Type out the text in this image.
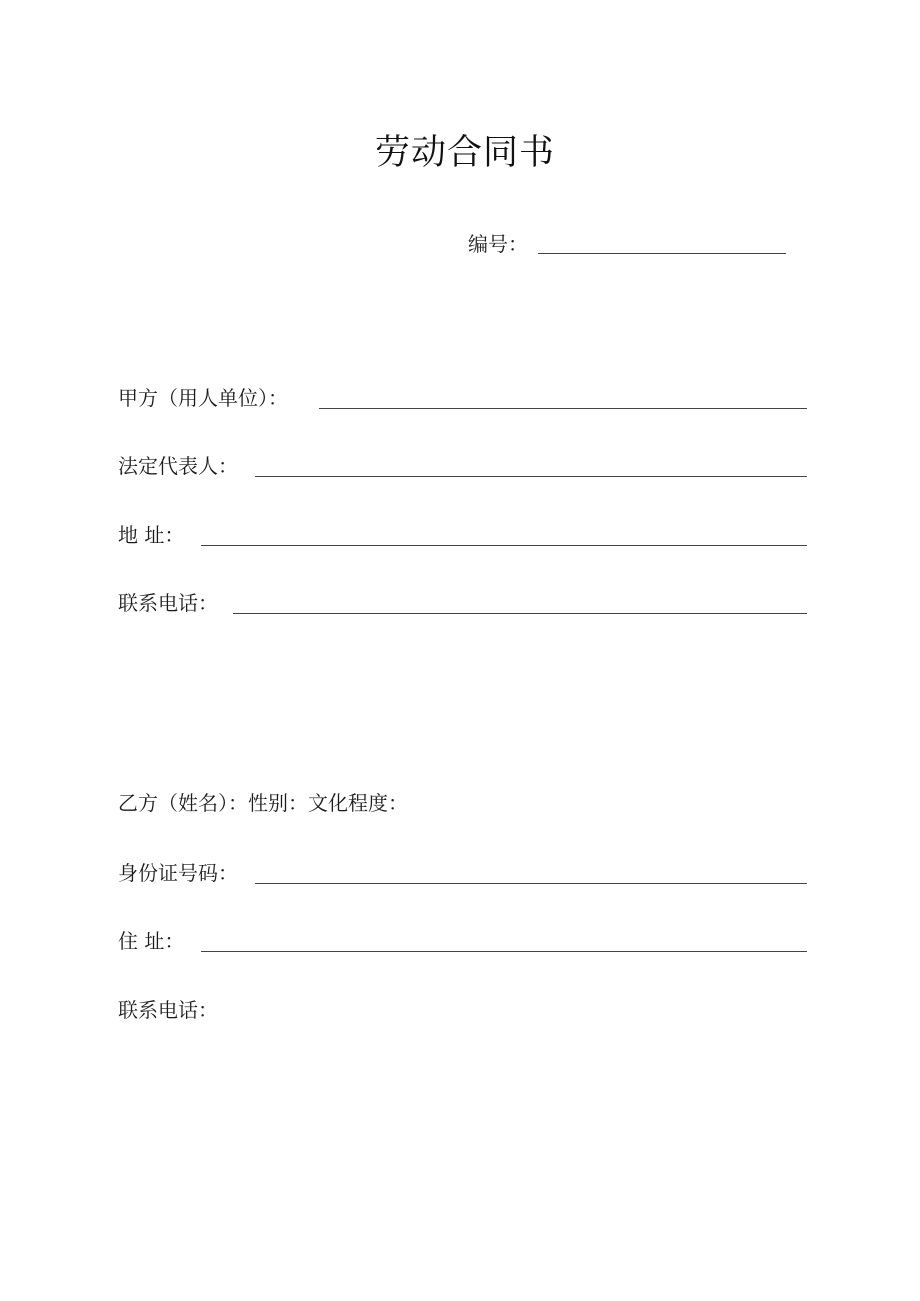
劳动合同书
编号：
甲方（用人单位）：
法定代表人：
地 址：
联系电话：
乙方（姓名）：性别：文化程度：
身份证号码：
住 址：
联系电话：
